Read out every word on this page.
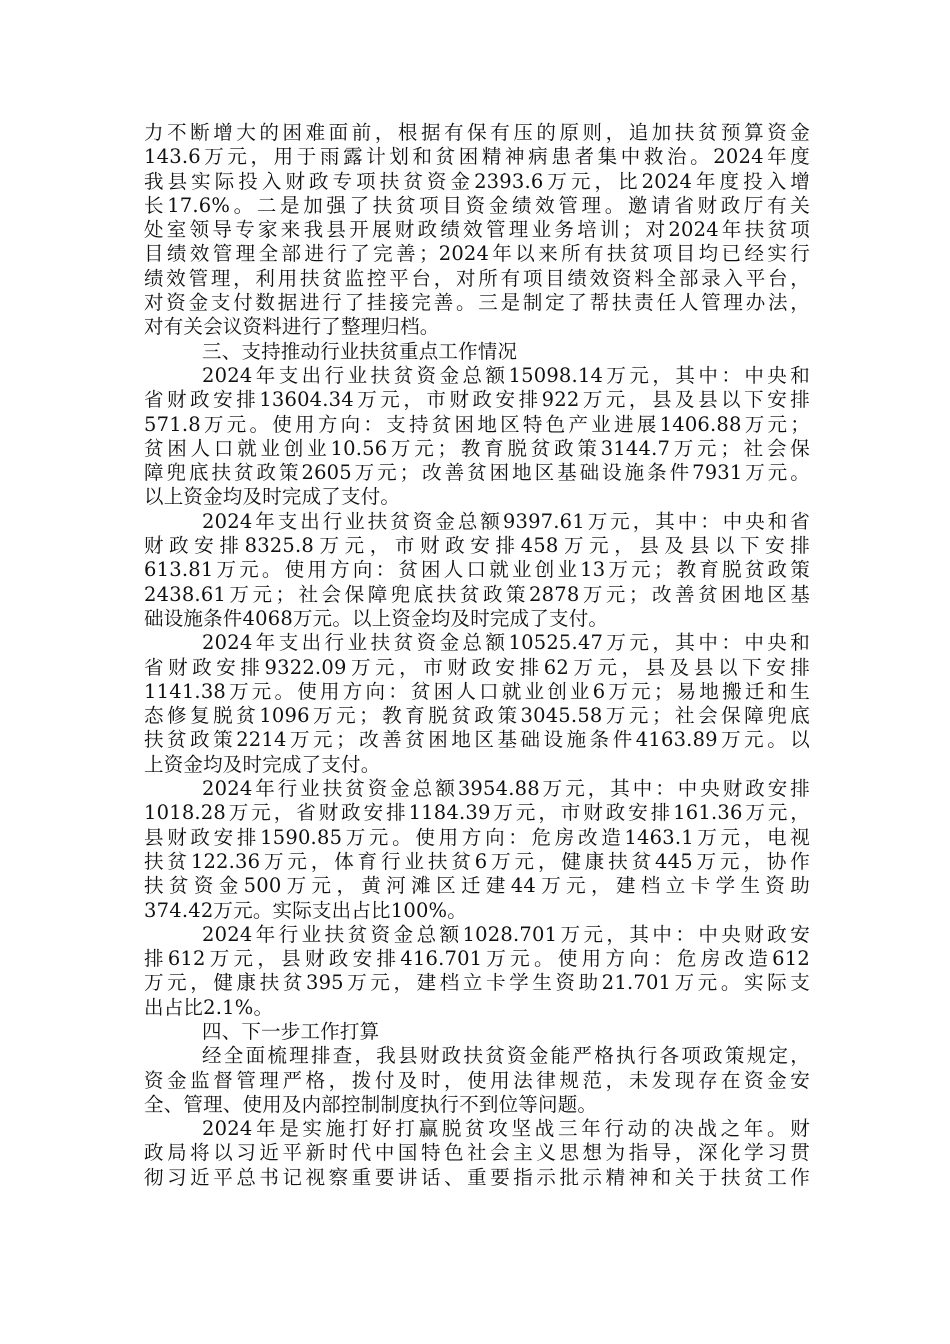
力不断增大的困难面前，根据有保有压的原则，追加扶贫预算资金
143.6万元，用于雨露计划和贫困精神病患者集中救治。2024年度
我县实际投入财政专项扶贫资金2393.6万元，比2024年度投入增
长17.6%。二是加强了扶贫项目资金绩效管理。邀请省财政厅有关
处室领导专家来我县开展财政绩效管理业务培训；对2024年扶贫项
目绩效管理全部进行了完善；2024年以来所有扶贫项目均已经实行
绩效管理，利用扶贫监控平台，对所有项目绩效资料全部录入平台，
对资金支付数据进行了挂接完善。三是制定了帮扶责任人管理办法，
对有关会议资料进行了整理归档。
三、支持推动行业扶贫重点工作情况
2024年支出行业扶贫资金总额15098.14万元，其中：中央和
省财政安排13604.34万元，市财政安排922万元，县及县以下安排
571.8万元。使用方向：支持贫困地区特色产业进展1406.88万元；
贫困人口就业创业10.56万元；教育脱贫政策3144.7万元；社会保
障兜底扶贫政策2605万元；改善贫困地区基础设施条件7931万元。
以上资金均及时完成了支付。
2024年支出行业扶贫资金总额9397.61万元，其中：中央和省
财政安排8325.8万元，市财政安排458万元，县及县以下安排
613.81万元。使用方向：贫困人口就业创业13万元；教育脱贫政策
2438.61万元；社会保障兜底扶贫政策2878万元；改善贫困地区基
础设施条件4068万元。以上资金均及时完成了支付。
2024年支出行业扶贫资金总额10525.47万元，其中：中央和
省财政安排9322.09万元，市财政安排62万元，县及县以下安排
1141.38万元。使用方向：贫困人口就业创业6万元；易地搬迁和生
态修复脱贫1096万元；教育脱贫政策3045.58万元；社会保障兜底
扶贫政策2214万元；改善贫困地区基础设施条件4163.89万元。以
上资金均及时完成了支付。
2024年行业扶贫资金总额3954.88万元，其中：中央财政安排
1018.28万元，省财政安排1184.39万元，市财政安排161.36万元，
县财政安排1590.85万元。使用方向：危房改造1463.1万元，电视
扶贫122.36万元，体育行业扶贫6万元，健康扶贫445万元，协作
扶贫资金500万元，黄河滩区迁建44万元，建档立卡学生资助
374.42万元。实际支出占比100%。
2024年行业扶贫资金总额1028.701万元，其中：中央财政安
排612万元，县财政安排416.701万元。使用方向：危房改造612
万元，健康扶贫395万元，建档立卡学生资助21.701万元。实际支
出占比2.1%。
四、下一步工作打算
经全面梳理排查，我县财政扶贫资金能严格执行各项政策规定，
资金监督管理严格，拨付及时，使用法律规范，未发现存在资金安
全、管理、使用及内部控制制度执行不到位等问题。
2024年是实施打好打赢脱贫攻坚战三年行动的决战之年。财
政局将以习近平新时代中国特色社会主义思想为指导，深化学习贯
彻习近平总书记视察重要讲话、重要指示批示精神和关于扶贫工作
